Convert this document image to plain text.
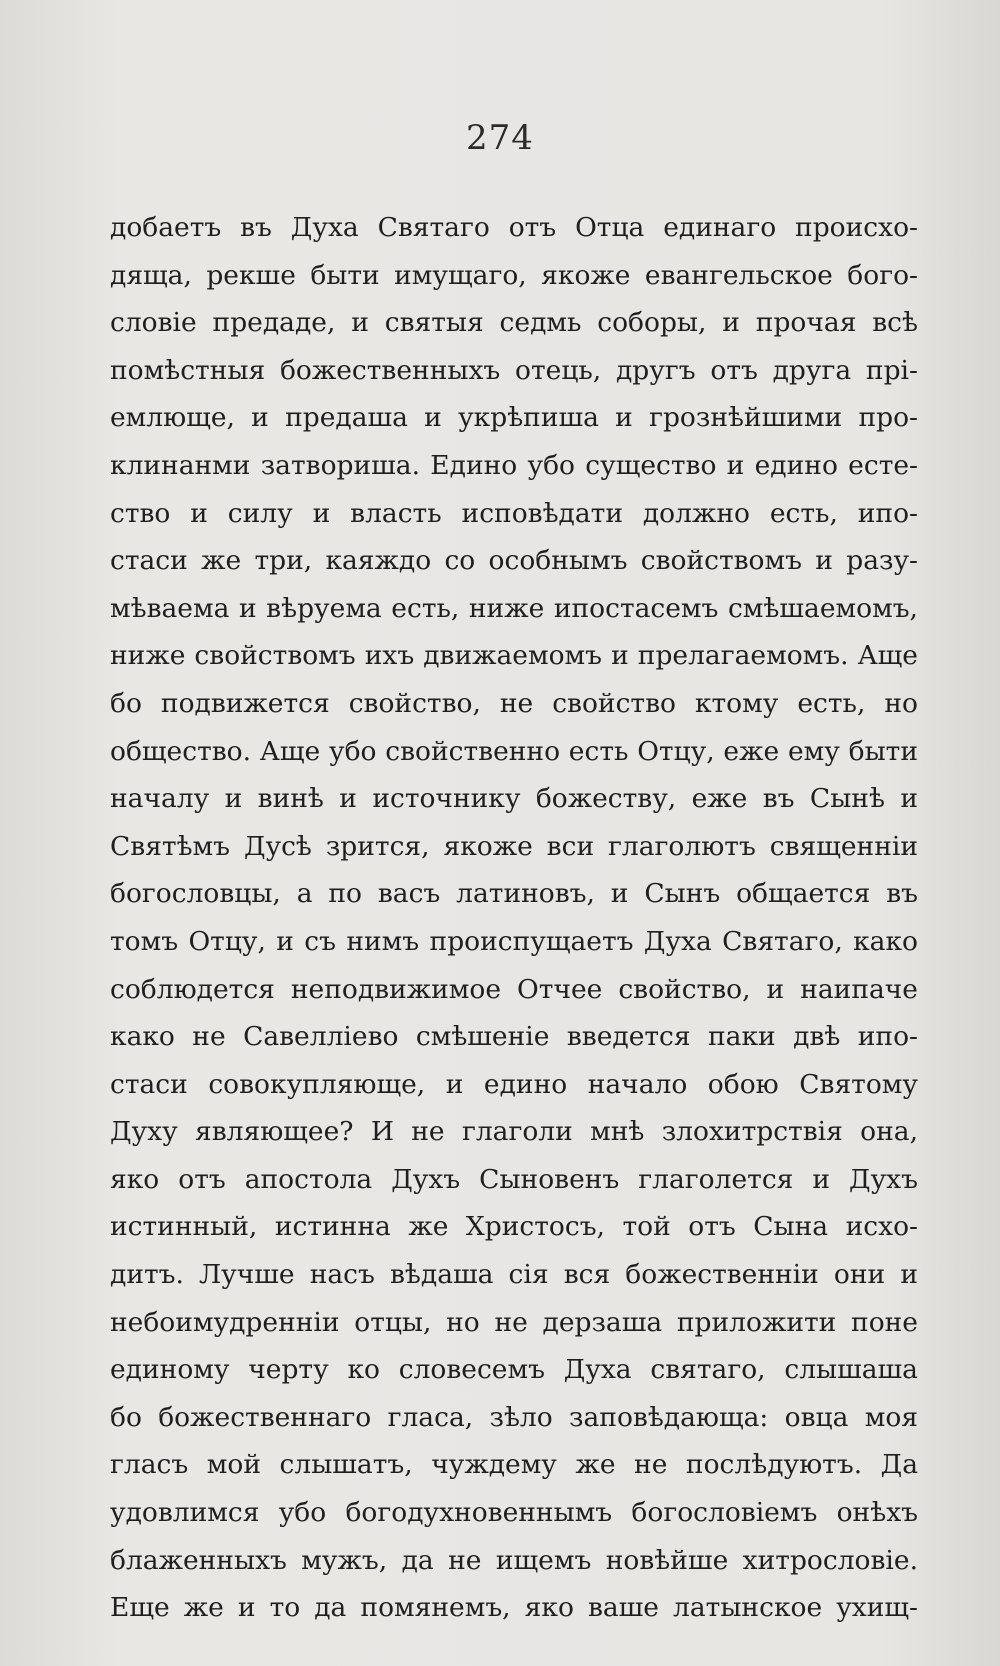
274
добаетъ въ Духа Святаго отъ Отца единаго происхо-
дяща, рекше быти имущаго, якоже евангельское бого-
словіе предаде, и святыя седмь соборы, и прочая вcѣ
помѣстныя божественныхъ отець, другъ отъ друга прі-
емлюще, и предаша и укрѣпиша и грознѣйшими про-
клинанми затвориша. Едино убо существо и едино есте-
ство и силу и власть исповѣдати должно есть, ипо-
стаси же три, каяждо со особнымъ свойствомъ и разу-
мѣваема и вѣруема есть, ниже ипостасемъ смѣшаемомъ,
ниже свойствомъ ихъ движаемомъ и прелагаемомъ. Аще
бо подвижется свойство, не свойство ктому есть, но
общество. Аще убо свойственно есть Отцу, еже ему быти
началу и винѣ и источнику божеству, еже въ Сынѣ и
Святѣмъ Дусѣ зрится, якоже вси глаголютъ священніи
богословцы, а по васъ латиновъ, и Сынъ общается въ
томъ Отцу, и съ нимъ происпущаетъ Духа Святаго, како
соблюдется неподвижимое Отчее свойство, и наипаче
како не Савелліево смѣшеніе введется паки двѣ ипо-
стаси совокупляюще, и едино начало обою Святому
Духу являющее? И не глаголи мнѣ злохитрствія она,
яко отъ апостола Духъ Сыновенъ глаголется и Духъ
истинный, истинна же Христосъ, той отъ Сына исхо-
дитъ. Лучше насъ вѣдаша сія вся божественніи они и
небоимудренніи отцы, но не дерзаша приложити поне
единому черту ко словесемъ Духа святаго, слышаша
бо божественнаго гласа, зѣло заповѣдающа: овца моя
гласъ мой слышатъ, чуждему же не послѣдуютъ. Да
удовлимся убо богодухновеннымъ богословіемъ онѣхъ
блаженныхъ мужъ, да не ищемъ новѣйше хитрословіе.
Еще же и то да помянемъ, яко ваше латынское ухищ-
